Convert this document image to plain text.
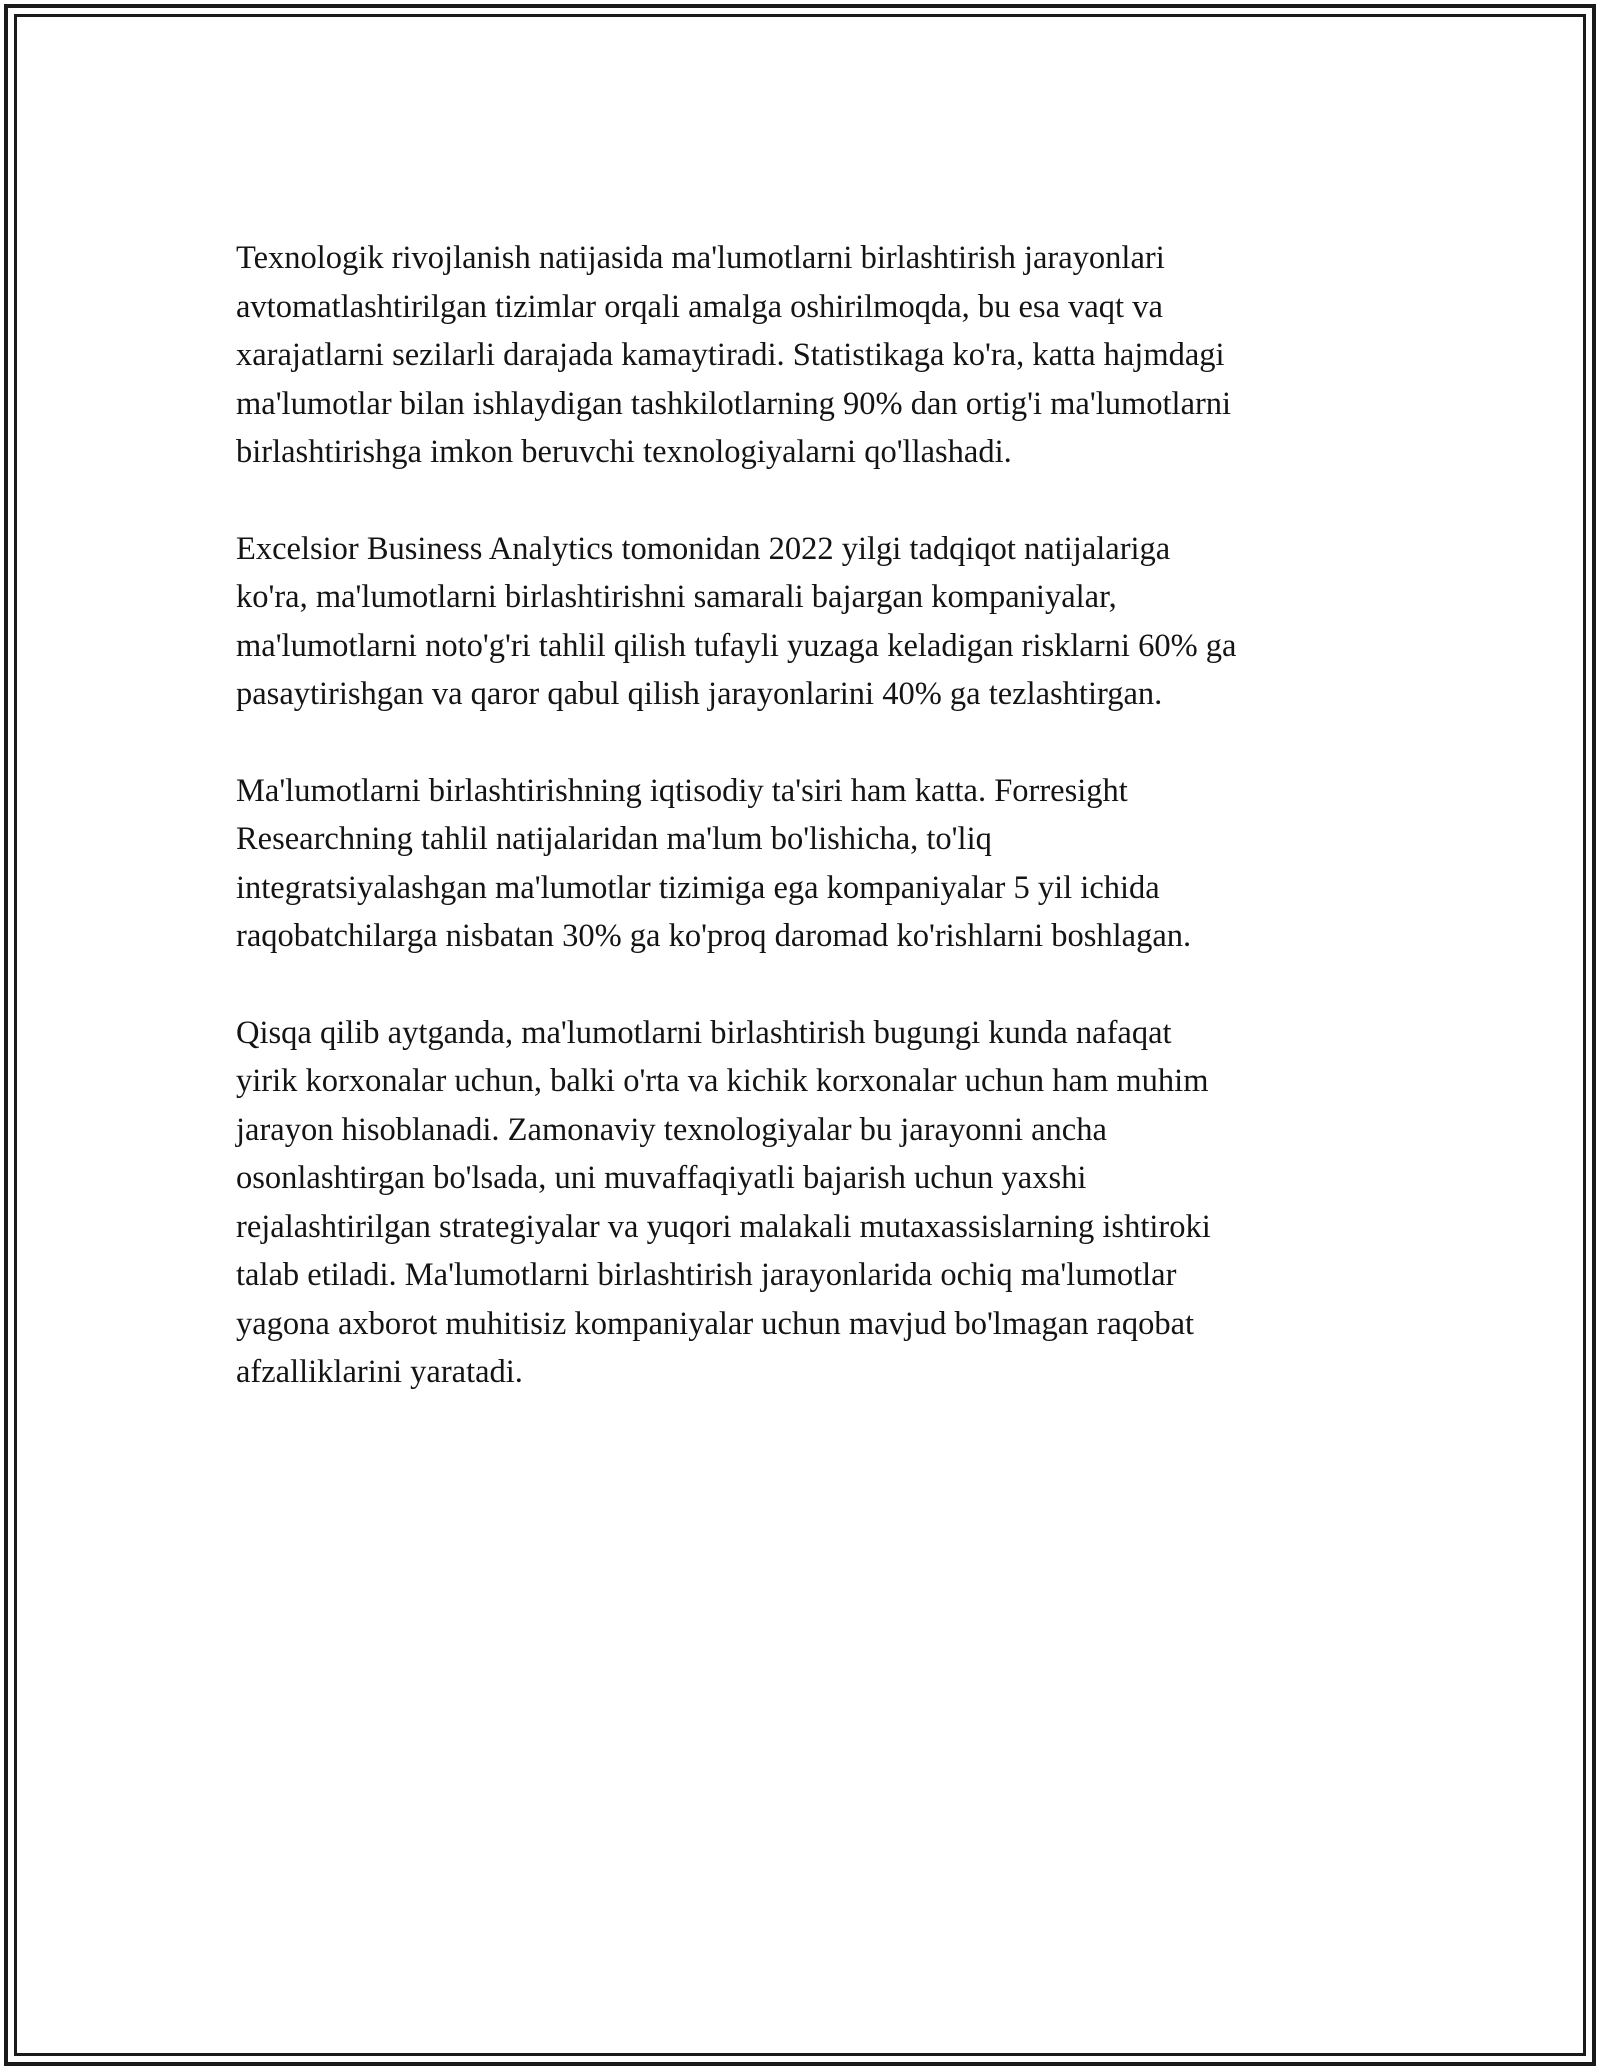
Texnologik rivojlanish natijasida ma'lumotlarni birlashtirish jarayonlari
avtomatlashtirilgan tizimlar orqali amalga oshirilmoqda, bu esa vaqt va
xarajatlarni sezilarli darajada kamaytiradi. Statistikaga ko'ra, katta hajmdagi
ma'lumotlar bilan ishlaydigan tashkilotlarning 90% dan ortig'i ma'lumotlarni
birlashtirishga imkon beruvchi texnologiyalarni qo'llashadi.

Excelsior Business Analytics tomonidan 2022 yilgi tadqiqot natijalariga
ko'ra, ma'lumotlarni birlashtirishni samarali bajargan kompaniyalar,
ma'lumotlarni noto'g'ri tahlil qilish tufayli yuzaga keladigan risklarni 60% ga
pasaytirishgan va qaror qabul qilish jarayonlarini 40% ga tezlashtirgan.

Ma'lumotlarni birlashtirishning iqtisodiy ta'siri ham katta. Forresight
Researchning tahlil natijalaridan ma'lum bo'lishicha, to'liq
integratsiyalashgan ma'lumotlar tizimiga ega kompaniyalar 5 yil ichida
raqobatchilarga nisbatan 30% ga ko'proq daromad ko'rishlarni boshlagan.

Qisqa qilib aytganda, ma'lumotlarni birlashtirish bugungi kunda nafaqat
yirik korxonalar uchun, balki o'rta va kichik korxonalar uchun ham muhim
jarayon hisoblanadi. Zamonaviy texnologiyalar bu jarayonni ancha
osonlashtirgan bo'lsada, uni muvaffaqiyatli bajarish uchun yaxshi
rejalashtirilgan strategiyalar va yuqori malakali mutaxassislarning ishtiroki
talab etiladi. Ma'lumotlarni birlashtirish jarayonlarida ochiq ma'lumotlar
yagona axborot muhitisiz kompaniyalar uchun mavjud bo'lmagan raqobat
afzalliklarini yaratadi.
